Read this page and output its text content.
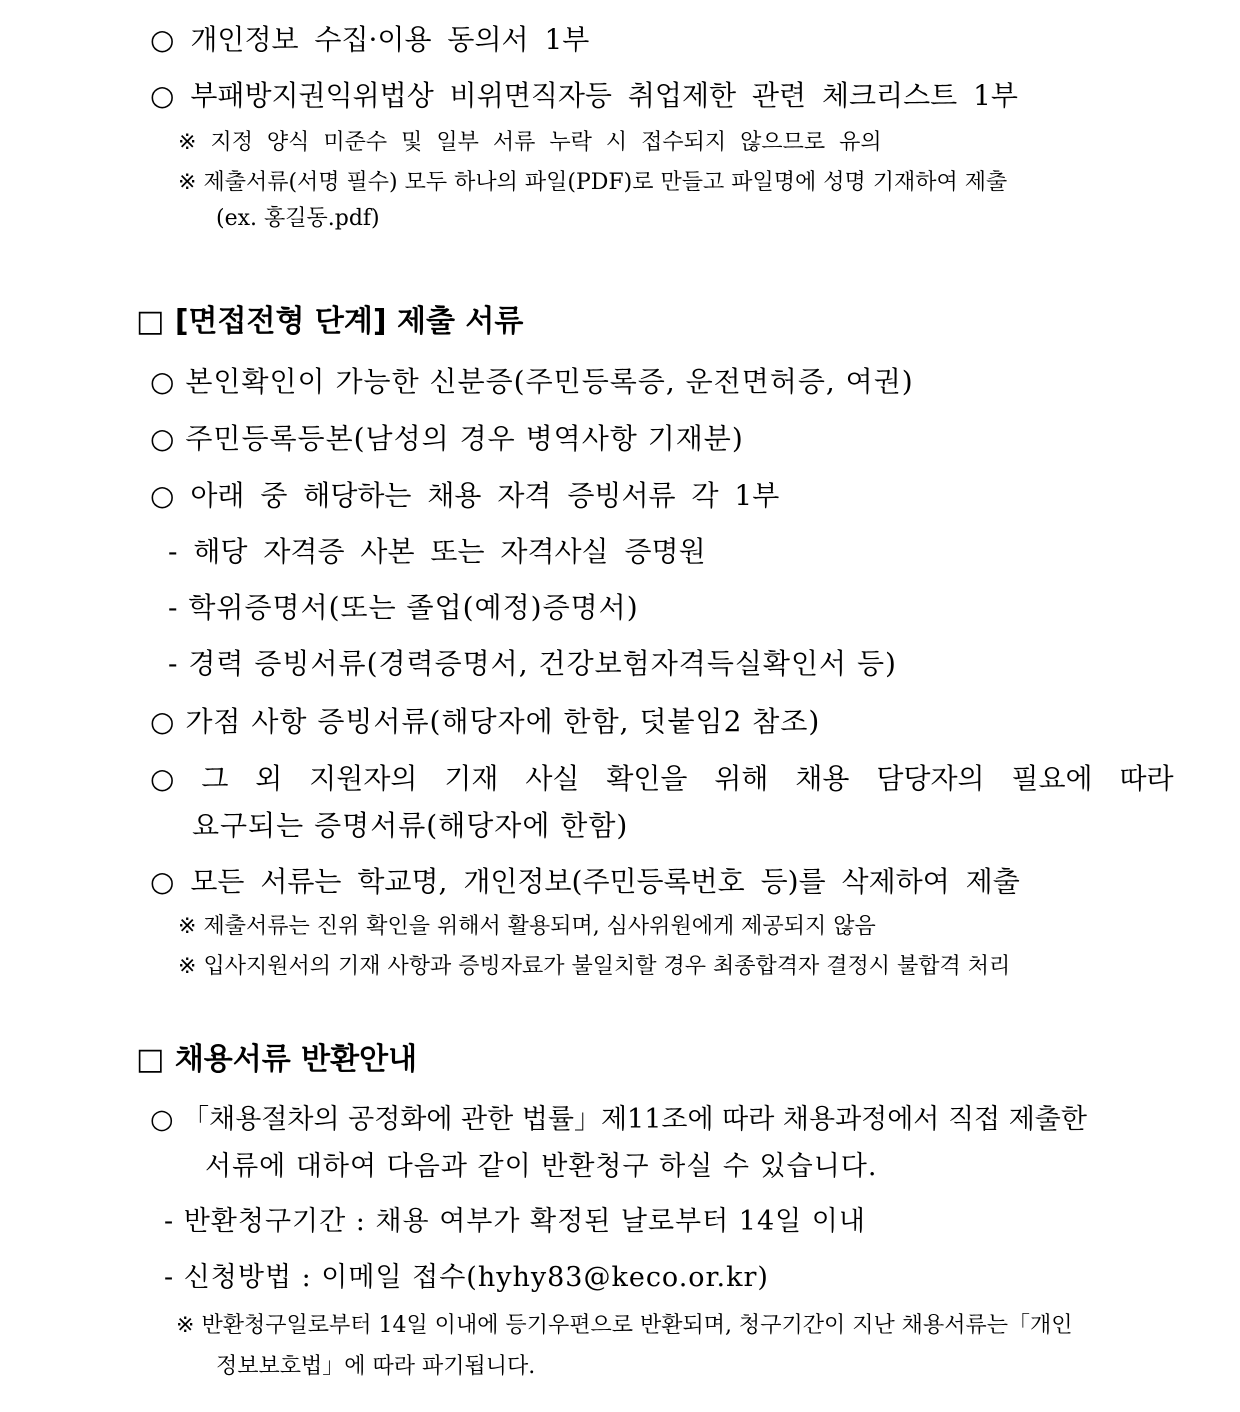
○ 개인정보 수집·이용 동의서 1부
○ 부패방지권익위법상 비위면직자등 취업제한 관련 체크리스트 1부
※ 지정 양식 미준수 및 일부 서류 누락 시 접수되지 않으므로 유의
※ 제출서류(서명 필수) 모두 하나의 파일(PDF)로 만들고 파일명에 성명 기재하여 제출
(ex. 홍길동.pdf)
□ [면접전형 단계] 제출 서류
○ 본인확인이 가능한 신분증(주민등록증, 운전면허증, 여권)
○ 주민등록등본(남성의 경우 병역사항 기재분)
○ 아래 중 해당하는 채용 자격 증빙서류 각 1부
- 해당 자격증 사본 또는 자격사실 증명원
- 학위증명서(또는 졸업(예정)증명서)
- 경력 증빙서류(경력증명서, 건강보험자격득실확인서 등)
○ 가점 사항 증빙서류(해당자에 한함, 덧붙임2 참조)
○ 그 외 지원자의 기재 사실 확인을 위해 채용 담당자의 필요에 따라
요구되는 증명서류(해당자에 한함)
○ 모든 서류는 학교명, 개인정보(주민등록번호 등)를 삭제하여 제출
※ 제출서류는 진위 확인을 위해서 활용되며, 심사위원에게 제공되지 않음
※ 입사지원서의 기재 사항과 증빙자료가 불일치할 경우 최종합격자 결정시 불합격 처리
□ 채용서류 반환안내
○ 「채용절차의 공정화에 관한 법률」제11조에 따라 채용과정에서 직접 제출한
서류에 대하여 다음과 같이 반환청구 하실 수 있습니다.
- 반환청구기간 : 채용 여부가 확정된 날로부터 14일 이내
- 신청방법 : 이메일 접수(hyhy83@keco.or.kr)
※ 반환청구일로부터 14일 이내에 등기우편으로 반환되며, 청구기간이 지난 채용서류는「개인
정보보호법」에 따라 파기됩니다.
